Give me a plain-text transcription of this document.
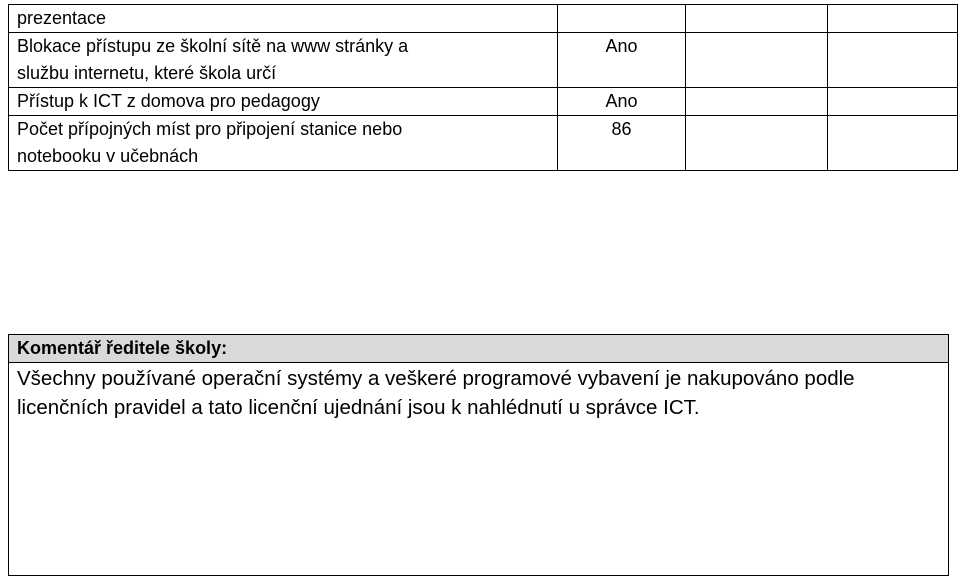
prezentace			
Blokace přístupu ze školní sítě na www stránky a
službu internetu, které škola určí	Ano		

Přístup k ICT z domova pro pedagogy	Ano		
Počet přípojných míst pro připojení stanice nebo
notebooku v učebnách	86		

Komentář ředitele školy:
Všechny používané operační systémy a veškeré programové vybavení je nakupováno podle licenčních pravidel a tato licenční ujednání jsou k nahlédnutí u správce ICT.
